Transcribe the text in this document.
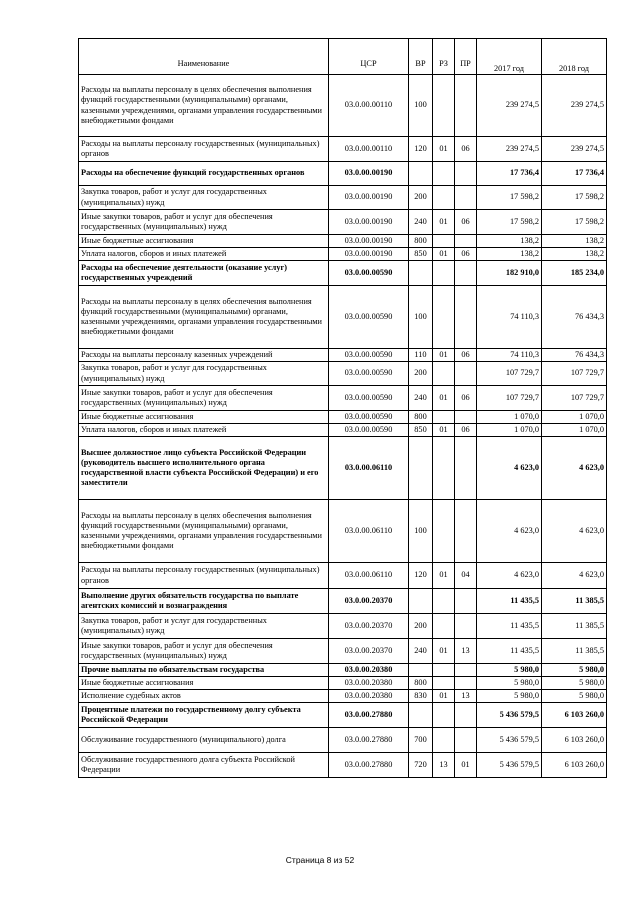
Наименование	ЦСР	ВР	РЗ	ПР	2017 год	2018 год
Расходы на выплаты персоналу в целях обеспечения выполнения функций государственными (муниципальными) органами, казенными учреждениями, органами управления государственными внебюджетными фондами	03.0.00.00110	100			239 274,5	239 274,5
Расходы на выплаты персоналу государственных (муниципальных) органов	03.0.00.00110	120	01	06	239 274,5	239 274,5
Расходы на обеспечение функций государственных органов	03.0.00.00190				17 736,4	17 736,4
Закупка товаров, работ и услуг для государственных (муниципальных) нужд	03.0.00.00190	200			17 598,2	17 598,2
Иные закупки товаров, работ и услуг для обеспечения государственных (муниципальных) нужд	03.0.00.00190	240	01	06	17 598,2	17 598,2
Иные бюджетные ассигнования	03.0.00.00190	800			138,2	138,2
Уплата налогов, сборов и иных платежей	03.0.00.00190	850	01	06	138,2	138,2
Расходы на обеспечение деятельности (оказание услуг) государственных учреждений	03.0.00.00590				182 910,0	185 234,0
Расходы на выплаты персоналу в целях обеспечения выполнения функций государственными (муниципальными) органами, казенными учреждениями, органами управления государственными внебюджетными фондами	03.0.00.00590	100			74 110,3	76 434,3
Расходы на выплаты персоналу казенных учреждений	03.0.00.00590	110	01	06	74 110,3	76 434,3
Закупка товаров, работ и услуг для государственных (муниципальных) нужд	03.0.00.00590	200			107 729,7	107 729,7
Иные закупки товаров, работ и услуг для обеспечения государственных (муниципальных) нужд	03.0.00.00590	240	01	06	107 729,7	107 729,7
Иные бюджетные ассигнования	03.0.00.00590	800			1 070,0	1 070,0
Уплата налогов, сборов и иных платежей	03.0.00.00590	850	01	06	1 070,0	1 070,0
Высшее должностное лицо субъекта Российской Федерации (руководитель высшего исполнительного органа государственной власти субъекта Российской Федерации) и его заместители	03.0.00.06110				4 623,0	4 623,0
Расходы на выплаты персоналу в целях обеспечения выполнения функций государственными (муниципальными) органами, казенными учреждениями, органами управления государственными внебюджетными фондами	03.0.00.06110	100			4 623,0	4 623,0
Расходы на выплаты персоналу государственных (муниципальных) органов	03.0.00.06110	120	01	04	4 623,0	4 623,0
Выполнение других обязательств государства по выплате агентских комиссий и вознаграждения	03.0.00.20370				11 435,5	11 385,5
Закупка товаров, работ и услуг для государственных (муниципальных) нужд	03.0.00.20370	200			11 435,5	11 385,5
Иные закупки товаров, работ и услуг для обеспечения государственных (муниципальных) нужд	03.0.00.20370	240	01	13	11 435,5	11 385,5
Прочие выплаты по обязательствам государства	03.0.00.20380				5 980,0	5 980,0
Иные бюджетные ассигнования	03.0.00.20380	800			5 980,0	5 980,0
Исполнение судебных актов	03.0.00.20380	830	01	13	5 980,0	5 980,0
Процентные платежи по государственному долгу субъекта Российской Федерации	03.0.00.27880				5 436 579,5	6 103 260,0
Обслуживание государственного (муниципального) долга	03.0.00.27880	700			5 436 579,5	6 103 260,0
Обслуживание государственного долга субъекта Российской Федерации	03.0.00.27880	720	13	01	5 436 579,5	6 103 260,0
Страница 8 из 52
